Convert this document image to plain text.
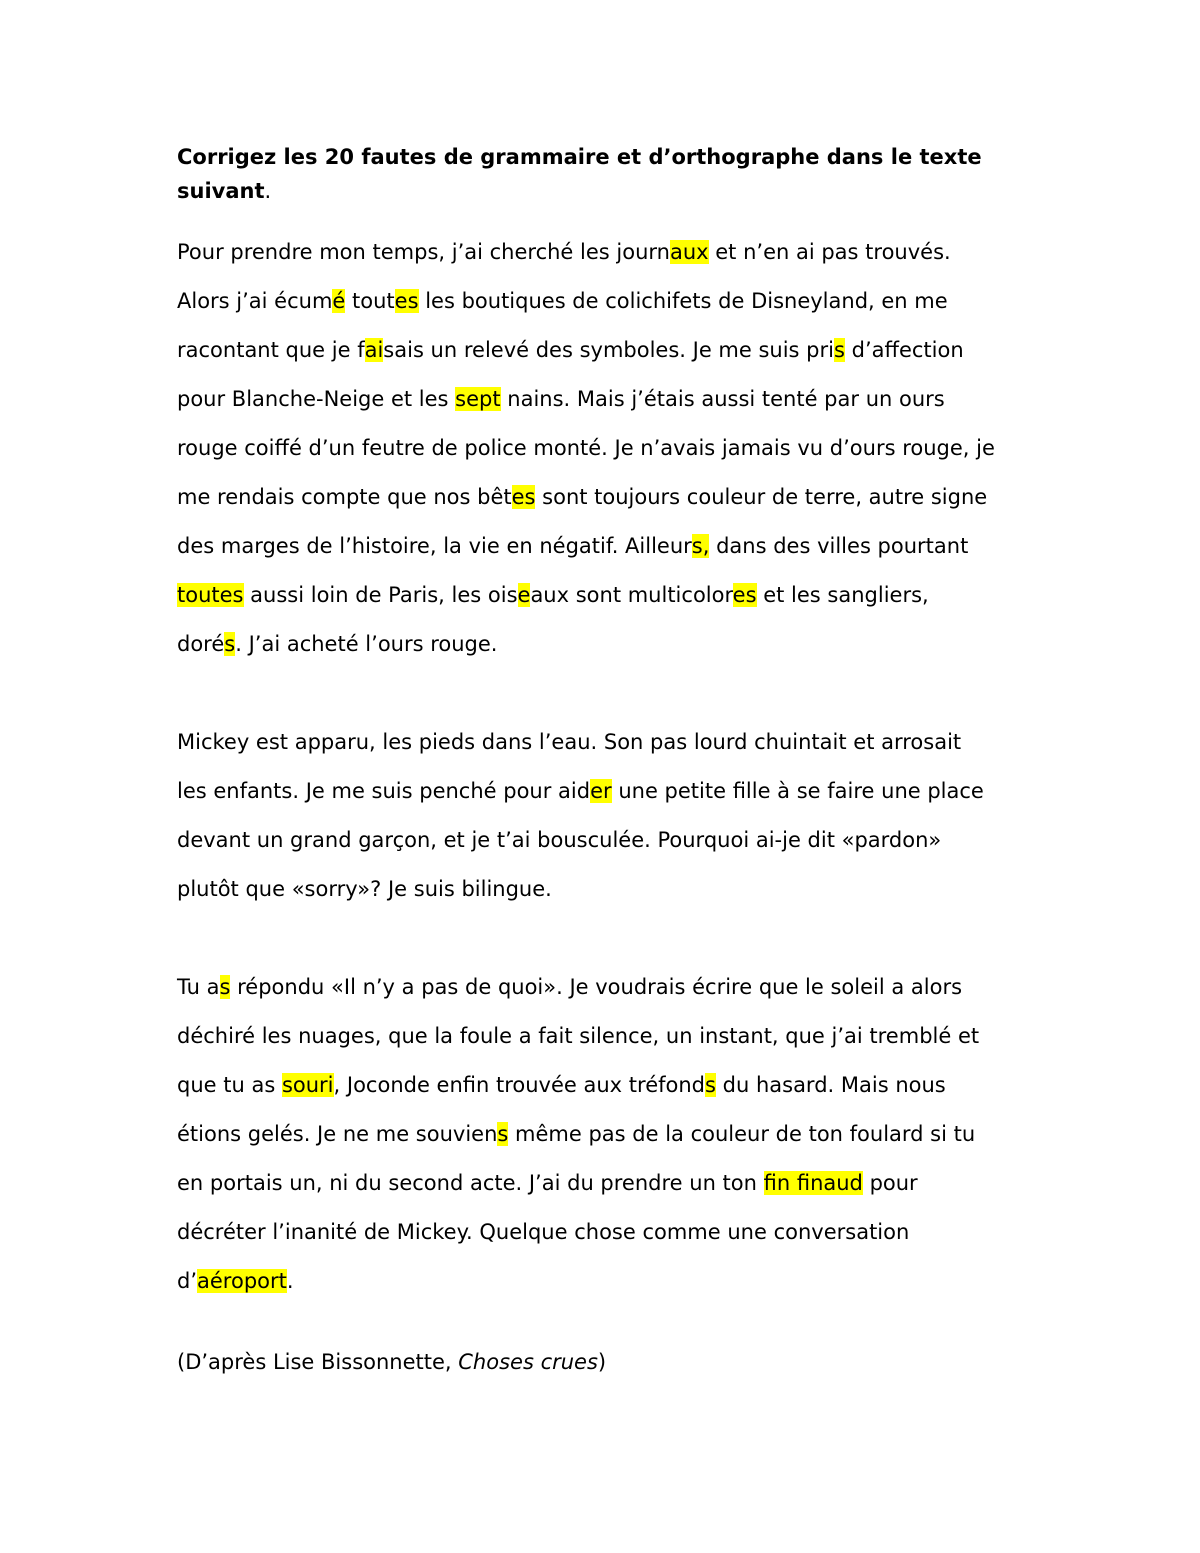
Corrigez les 20 fautes de grammaire et d’orthographe dans le texte
suivant.

Pour prendre mon temps, j’ai cherché les journaux et n’en ai pas trouvés.
Alors j’ai écumé toutes les boutiques de colichifets de Disneyland, en me
racontant que je faisais un relevé des symboles. Je me suis pris d’affection
pour Blanche-Neige et les sept nains. Mais j’étais aussi tenté par un ours
rouge coiffé d’un feutre de police monté. Je n’avais jamais vu d’ours rouge, je
me rendais compte que nos bêtes sont toujours couleur de terre, autre signe
des marges de l’histoire, la vie en négatif. Ailleurs, dans des villes pourtant
toutes aussi loin de Paris, les oiseaux sont multicolores et les sangliers,
dorés. J’ai acheté l’ours rouge.

Mickey est apparu, les pieds dans l’eau. Son pas lourd chuintait et arrosait
les enfants. Je me suis penché pour aider une petite fille à se faire une place
devant un grand garçon, et je t’ai bousculée. Pourquoi ai-je dit «pardon»
plutôt que «sorry»? Je suis bilingue.

Tu as répondu «Il n’y a pas de quoi». Je voudrais écrire que le soleil a alors
déchiré les nuages, que la foule a fait silence, un instant, que j’ai tremblé et
que tu as souri, Joconde enfin trouvée aux tréfonds du hasard. Mais nous
étions gelés. Je ne me souviens même pas de la couleur de ton foulard si tu
en portais un, ni du second acte. J’ai du prendre un ton fin finaud pour
décréter l’inanité de Mickey. Quelque chose comme une conversation
d’aéroport.

(D’après Lise Bissonnette, Choses crues)
